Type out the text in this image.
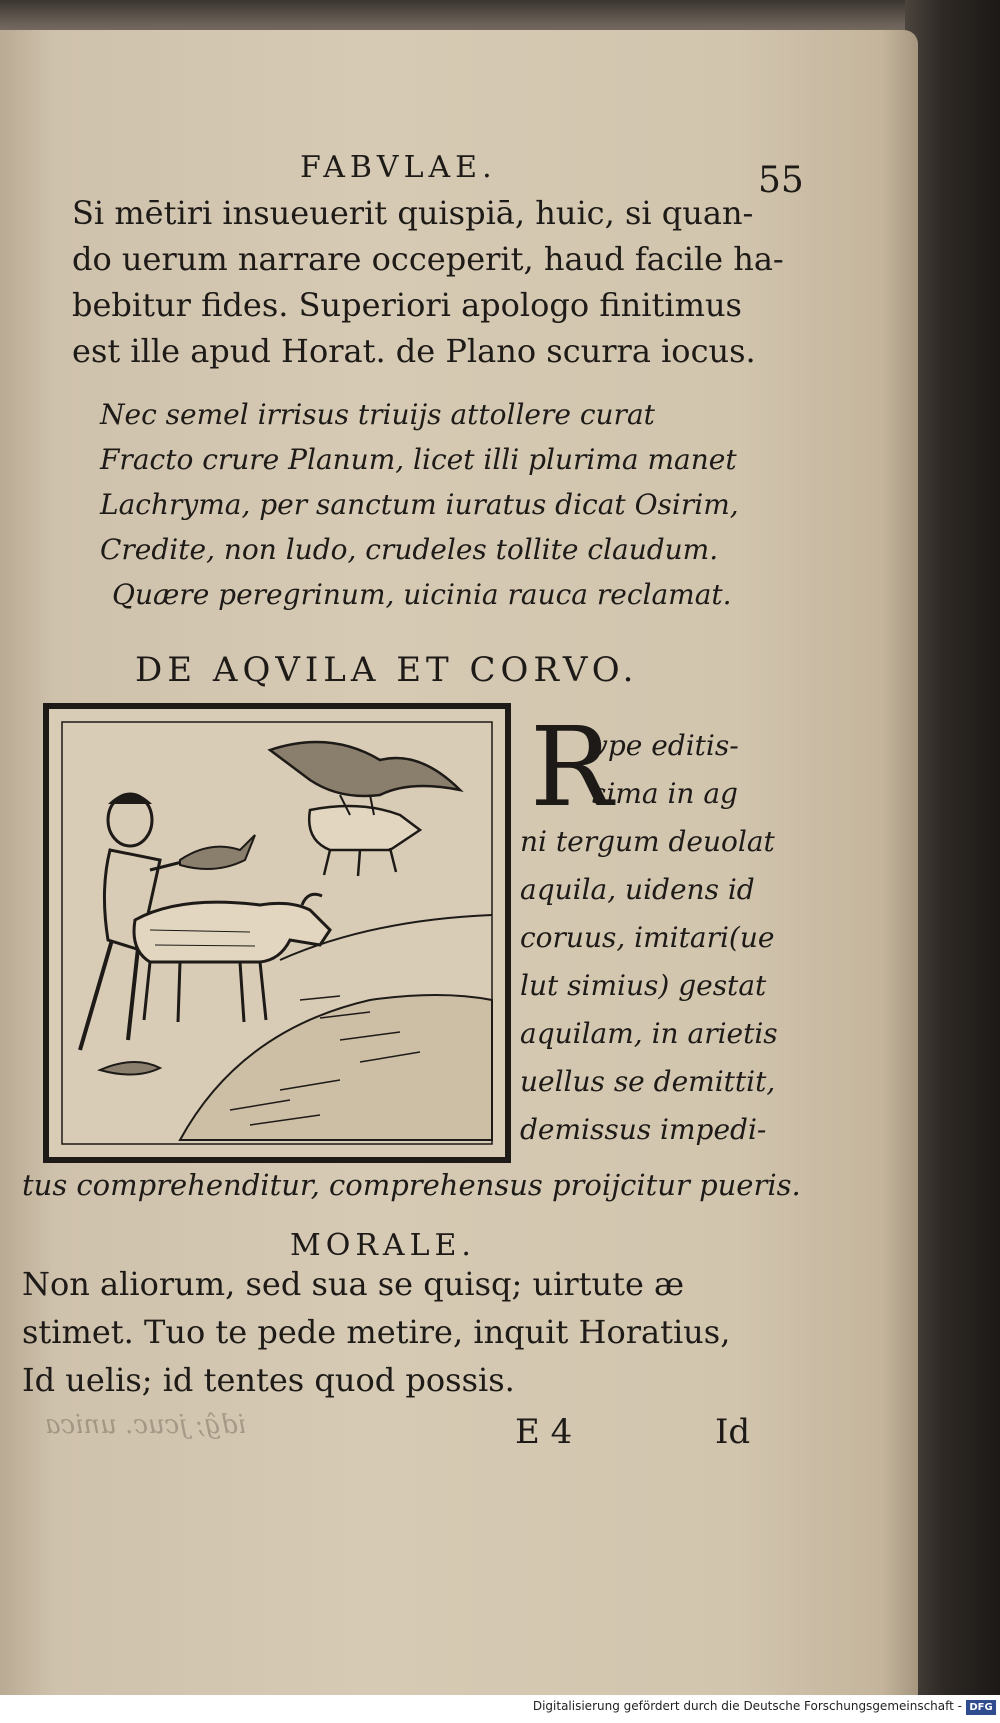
FABVLAE.	55
Si mētiri insueuerit quispiā, huic, si quan-
do uerum narrare occeperit, haud facile ha-
bebitur fides. Superiori apologo finitimus
est ille apud Horat. de Plano scurra iocus.
Nec semel irrisus triuijs attollere curat
Fracto crure Planum, licet illi plurima manet
Lachryma, per sanctum iuratus dicat Osirim,
Credite, non ludo, crudeles tollite claudum.
Quære peregrinum, uicinia rauca reclamat.
DE AQVILA ET CORVO.
R
vpe editis-
sima in ag
ni tergum deuolat
aquila, uidens id
coruus, imitari(ue
lut simius) gestat
aquilam, in arietis
uellus se demittit,
demissus impedi-
tus comprehenditur, comprehensus proijcitur pueris.
MORALE.
Non aliorum, sed sua se quisq; uirtute æ
stimet. Tuo te pede metire, inquit Horatius,
Id uelis; id tentes quod possis.
idĝ; jcuc. unica	E 4	Id
Digitalisierung gefördert durch die Deutsche Forschungsgemeinschaft - DFG
